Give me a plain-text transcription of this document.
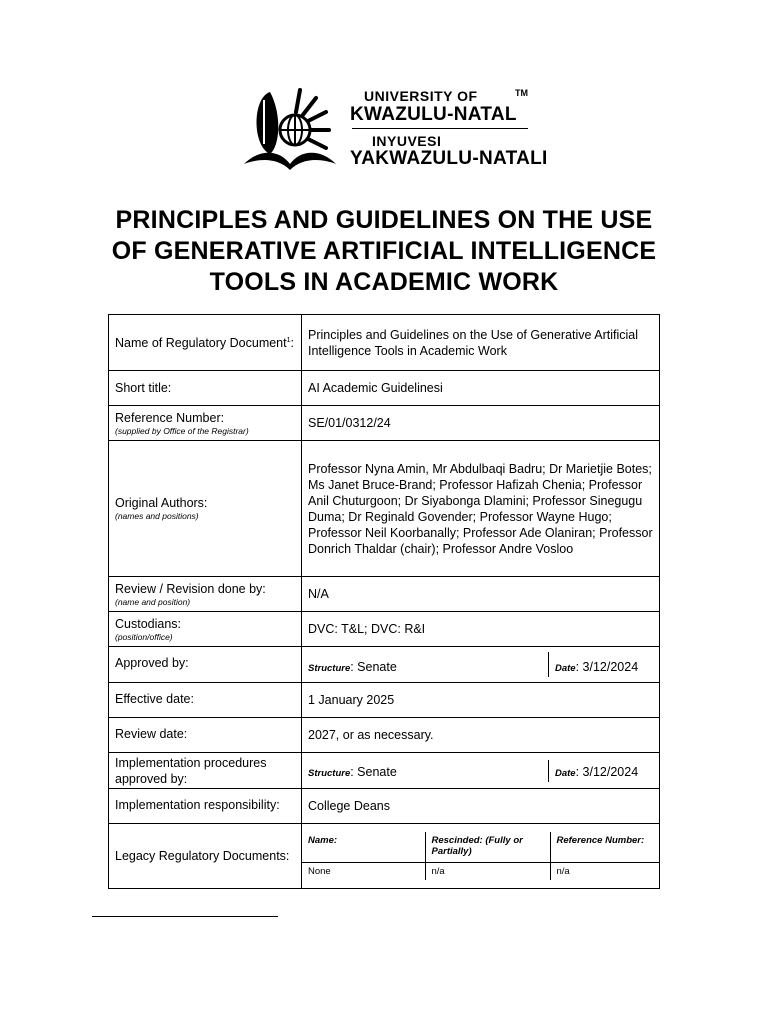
UNIVERSITY OF	TM
KWAZULU-NATAL
INYUVESI
YAKWAZULU-NATALI
PRINCIPLES AND GUIDELINES ON THE USE
OF GENERATIVE ARTIFICIAL INTELLIGENCE
TOOLS IN ACADEMIC WORK
Name of Regulatory Document$^1$:	Principles and Guidelines on the Use of Generative Artificial Intelligence Tools in Academic Work
Short title:	AI Academic Guidelinesi
Reference Number:
(supplied by Office of the Registrar)
	SE/01/0312/24
Original Authors:
(names and positions)
	Professor Nyna Amin, Mr Abdulbaqi Badru; Dr Marietjie Botes; Ms Janet Bruce-Brand; Professor Hafizah Chenia; Professor Anil Chuturgoon; Dr Siyabonga Dlamini; Professor Sinegugu Duma; Dr Reginald Govender; Professor Wayne Hugo; Professor Neil Koorbanally; Professor Ade Olaniran; Professor Donrich Thaldar (chair); Professor Andre Vosloo
Review / Revision done by:
(name and position)
	N/A
Custodians:
(position/office)
	DVC: T&L; DVC: R&I
Approved by:	Structure: Senate	Date: 3/12/2024

Effective date:	1 January 2025
Review date:	2027, or as necessary.
Implementation procedures approved by:	Structure: Senate	Date: 3/12/2024

Implementation responsibility:	College Deans
Legacy Regulatory Documents:	
Name:	Rescinded: (Fully or Partially)	Reference Number:
None	n/a	n/a
